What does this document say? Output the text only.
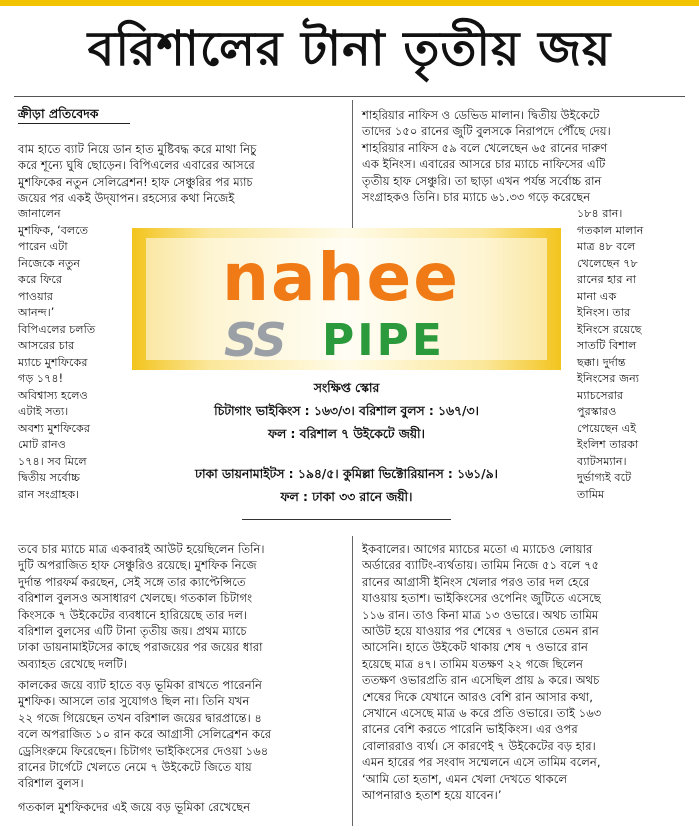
বরিশালের টানা তৃতীয় জয়
ক্রীড়া প্রতিবেদক
বাম হাতে ব্যাট নিয়ে ডান হাত মুষ্টিবদ্ধ করে মাথা নিচু
করে শূন্যে ঘুষি ছোড়েন। বিপিএলের এবারের আসরে
মুশফিকের নতুন সেলিব্রেশন! হাফ সেঞ্চুরির পর ম্যাচ
জয়ের পর একই উদ্‌যাপন। রহস্যের কথা নিজেই
জানালেন
মুশফিক, ‘বলতে
পারেন এটা
নিজেকে নতুন
করে ফিরে
পাওয়ার
আনন্দ।’
বিপিএলের চলতি
আসরের চার
ম্যাচে মুশফিকের
গড় ১৭৪!
অবিশ্বাস্য হলেও
এটাই সত্য।
অবশ্য মুশফিকের
মোট রানও
১৭৪। সব মিলে
দ্বিতীয় সর্বোচ্চ
রান সংগ্রাহক।
তবে চার ম্যাচে মাত্র একবারই আউট হয়েছিলেন তিনি।
দুটি অপরাজিত হাফ সেঞ্চুরিও রয়েছে। মুশফিক নিজে
দুর্দান্ত পারফর্ম করছেন, সেই সঙ্গে তার ক্যাপ্টেন্সিতে
বরিশাল বুলসও অসাধারণ খেলছে। গতকাল চিটাগং
কিংসকে ৭ উইকেটের ব্যবধানে হারিয়েছে তার দল।
বরিশাল বুলসের এটি টানা তৃতীয় জয়। প্রথম ম্যাচে
ঢাকা ডায়নামাইটসের কাছে পরাজয়ের পর জয়ের ধারা
অব্যাহত রেখেছে দলটি।
কালকের জয়ে ব্যাট হাতে বড় ভূমিকা রাখতে পারেননি
মুশফিক। আসলে তার সুযোগও ছিল না। তিনি যখন
২২ গজে গিয়েছেন তখন বরিশাল জয়ের দ্বারপ্রান্তে। ৪
বলে অপরাজিত ১০ রান করে আগ্রাসী সেলিব্রেশন করে
ড্রেসিংরুমে ফিরেছেন। চিটাগং ভাইকিংসের দেওয়া ১৬৪
রানের টার্গেটে খেলতে নেমে ৭ উইকেটে জিতে যায়
বরিশাল বুলস।
গতকাল মুশফিকদের এই জয়ে বড় ভূমিকা রেখেছেন
শাহরিয়ার নাফিস ও ডেভিড মালান। দ্বিতীয় উইকেটে
তাদের ১৫০ রানের জুটি বুলসকে নিরাপদে পৌঁছে দেয়।
শাহরিয়ার নাফিস ৫৯ বলে খেলেছেন ৬৫ রানের দারুণ
এক ইনিংস। এবারের আসরে চার ম্যাচে নাফিসের এটি
তৃতীয় হাফ সেঞ্চুরি। তা ছাড়া এখন পর্যন্ত সর্বোচ্চ রান
সংগ্রাহকও তিনি। চার ম্যাচে ৬১.৩৩ গড়ে করেছেন
১৮৪ রান।
গতকাল মালান
মাত্র ৪৮ বলে
খেলেছেন ৭৮
রানের হার না
মানা এক
ইনিংস। তার
ইনিংসে রয়েছে
সাতটি বিশাল
ছক্কা। দুর্দান্ত
ইনিংসের জন্য
ম্যাচসেরার
পুরস্কারও
পেয়েছেন এই
ইংলিশ তারকা
ব্যাটসম্যান।
দুর্ভাগ্যই বটে
তামিম
ইকবালের। আগের ম্যাচের মতো এ ম্যাচেও লোয়ার
অর্ডারের ব্যাটিং-ব্যর্থতায়। তামিম নিজে ৫১ বলে ৭৫
রানের আগ্রাসী ইনিংস খেলার পরও তার দল হেরে
যাওয়ায় হতাশ। ভাইকিংসের ওপেনিং জুটিতে এসেছে
১১৬ রান। তাও কিনা মাত্র ১৩ ওভারে। অথচ তামিম
আউট হয়ে যাওয়ার পর শেষের ৭ ওভারে তেমন রান
আসেনি। হাতে উইকেট থাকায় শেষ ৭ ওভারে রান
হয়েছে মাত্র ৪৭। তামিম যতক্ষণ ২২ গজে ছিলেন
ততক্ষণ ওভারপ্রতি রান এসেছিল প্রায় ৯ করে। অথচ
শেষের দিকে যেখানে আরও বেশি রান আসার কথা,
সেখানে এসেছে মাত্র ৬ করে প্রতি ওভারে। তাই ১৬৩
রানের বেশি করতে পারেনি ভাইকিংস। এর ওপর
বোলাররাও ব্যর্থ। সে কারণেই ৭ উইকেটের বড় হার।
এমন হারের পর সংবাদ সম্মেলনে এসে তামিম বলেন,
‘আমি তো হতাশ, এমন খেলা দেখতে থাকলে
আপনারাও হতাশ হয়ে যাবেন।’
nahee
SS PIPE
সংক্ষিপ্ত স্কোর
চিটাগাং ভাইকিংস : ১৬৩/৩। বরিশাল বুলস : ১৬৭/৩।
ফল : বরিশাল ৭ উইকেটে জয়ী।
ঢাকা ডায়নামাইটস : ১৯৪/৫। কুমিল্লা ভিক্টোরিয়ানস : ১৬১/৯।
ফল : ঢাকা ৩৩ রানে জয়ী।
